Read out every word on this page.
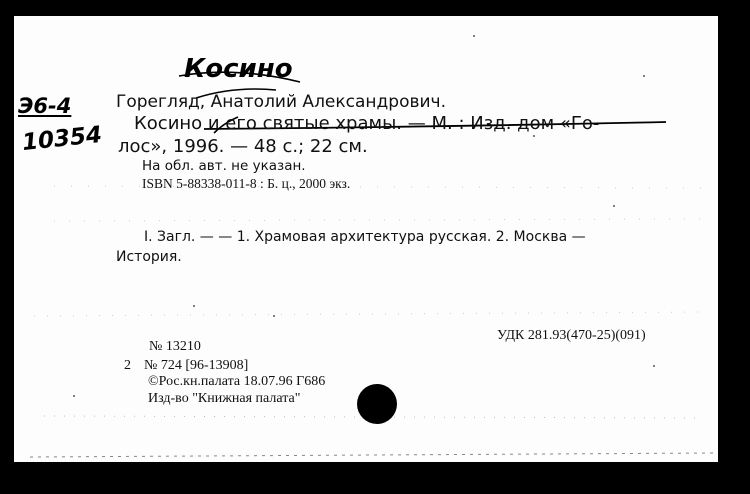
Косино
Э6-4
10354
Горегляд, Анатолий Александрович.
Косино и его святые храмы. — М. : Изд. дом «Го-
лос», 1996. — 48 с.; 22 см.
На обл. авт. не указан.
ISBN 5-88338-011-8 : Б. ц., 2000 экз.
I. Загл. — — 1. Храмовая архитектура русская. 2. Москва —
История.
УДК 281.93(470-25)(091)
№ 13210
2 № 724 [96-13908]
©Рос.кн.палата 18.07.96 Г686
Изд-во "Книжная палата"
